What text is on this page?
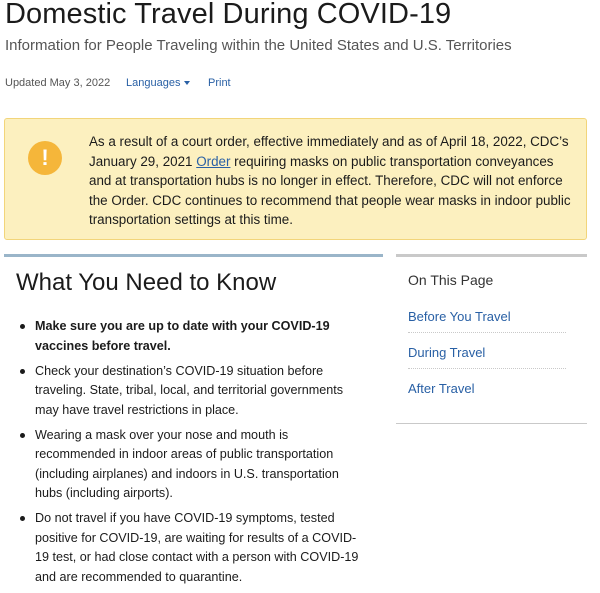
Domestic Travel During COVID-19
Information for People Traveling within the United States and U.S. Territories
Updated May 3, 2022 Languages	Print
!
As a result of a court order, effective immediately and as of April 18, 2022, CDC’s January 29, 2021 Order requiring masks on public transportation conveyances and at transportation hubs is no longer in effect. Therefore, CDC will not enforce the Order. CDC continues to recommend that people wear masks in indoor public transportation settings at this time.
What You Need to Know
Make sure you are up to date with your COVID-19 vaccines before travel.
Check your destination’s COVID-19 situation before traveling. State, tribal, local, and territorial governments may have travel restrictions in place.
Wearing a mask over your nose and mouth is recommended in indoor areas of public transportation (including airplanes) and indoors in U.S. transportation hubs (including airports).
Do not travel if you have COVID-19 symptoms, tested positive for COVID-19, are waiting for results of a COVID-19 test, or had close contact with a person with COVID-19 and are recommended to quarantine.
On This Page
Before You Travel
During Travel
After Travel
